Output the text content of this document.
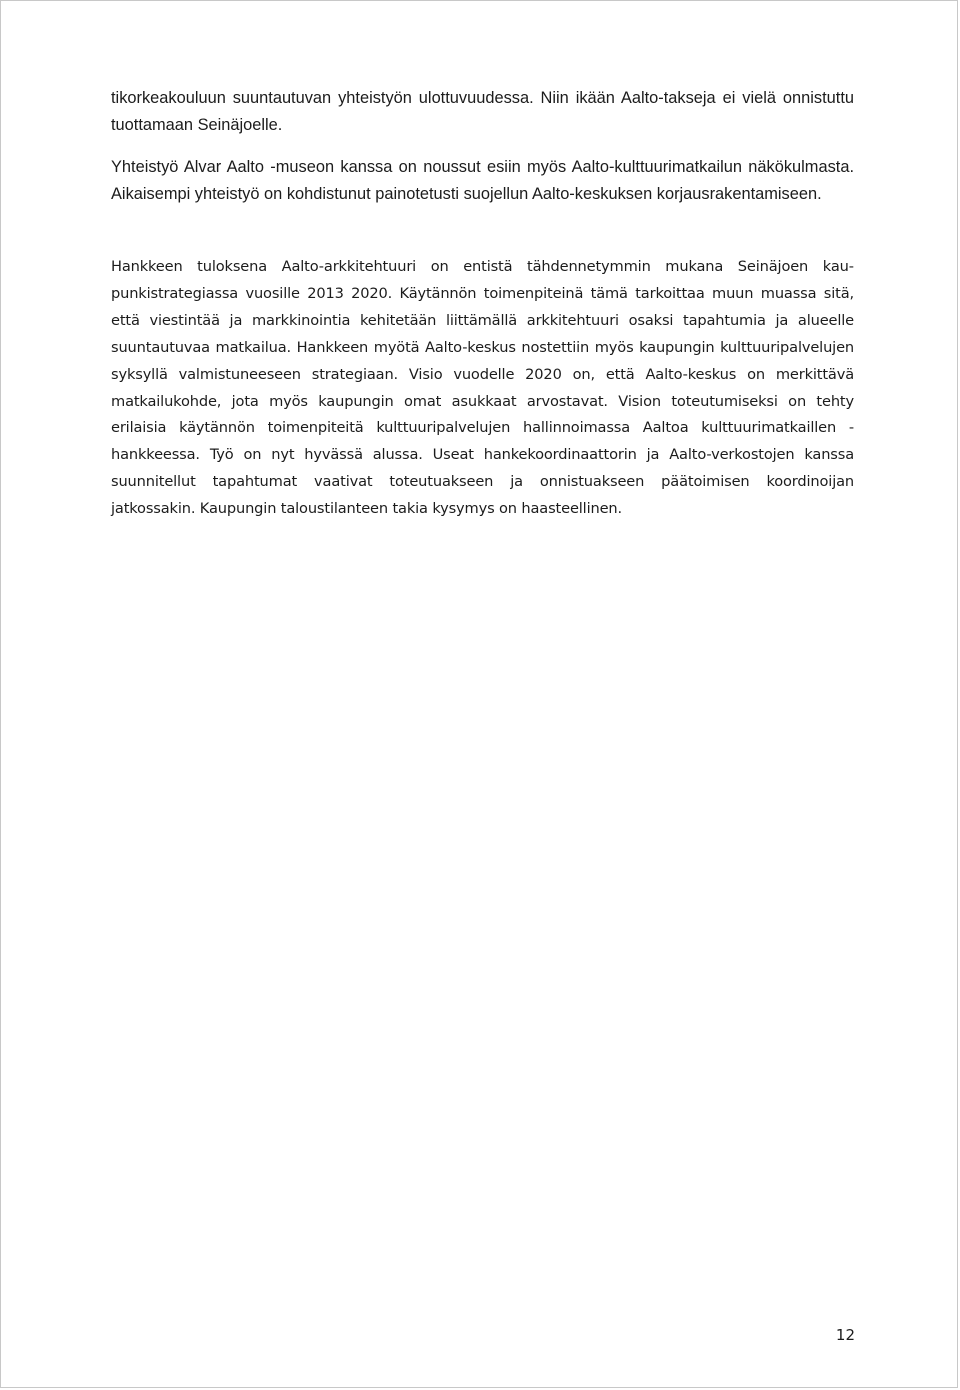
tikorkeakouluun suuntautuvan yhteistyön ulottuvuudessa. Niin ikään Aalto-takseja ei vielä onnistuttu tuottamaan Seinäjoelle.

Yhteistyö Alvar Aalto -museon kanssa on noussut esiin myös Aalto-kulttuurimatkailun näkökulmasta. Aikaisempi yhteistyö on kohdistunut painotetusti suojellun Aalto-keskuksen korjausrakentamiseen.

Hankkeen tuloksena Aalto-arkkitehtuuri on entistä tähdennetymmin mukana Seinäjoen kaupunkistrategiassa vuosille 2013 2020. Käytännön toimenpiteinä tämä tarkoittaa muun muassa sitä, että viestintää ja markkinointia kehitetään liittämällä arkkitehtuuri osaksi tapahtumia ja alueelle suuntautuvaa matkailua. Hankkeen myötä Aalto-keskus nostettiin myös kaupungin kulttuuripalvelujen syksyllä valmistuneeseen strategiaan. Visio vuodelle 2020 on, että Aalto-keskus on merkittävä matkailukohde, jota myös kaupungin omat asukkaat arvostavat. Vision toteutumiseksi on tehty erilaisia käytännön toimenpiteitä kulttuuripalvelujen hallinnoimassa Aaltoa kulttuurimatkaillen -hankkeessa. Työ on nyt hyvässä alussa. Useat hankekoordinaattorin ja Aalto-verkostojen kanssa suunnitellut tapahtumat vaativat toteutuakseen ja onnistuakseen päätoimisen koordinoijan jatkossakin. Kaupungin taloustilanteen takia kysymys on haasteellinen.

12
